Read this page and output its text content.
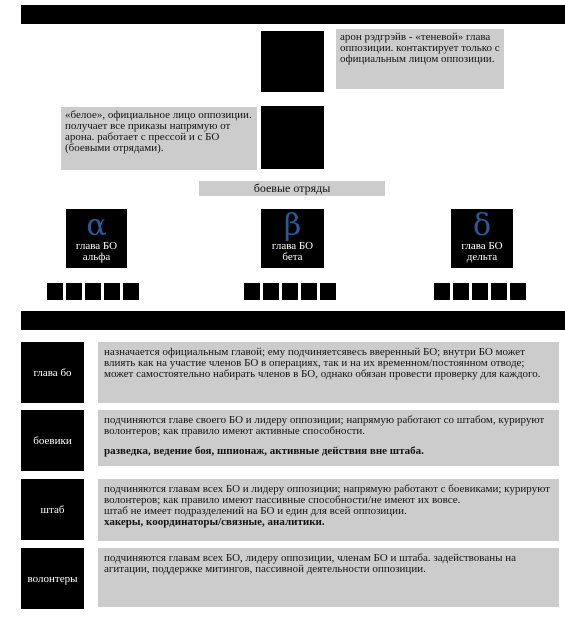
арон рэдгрэйв - «теневой» глава оппозиции. контактирует только с официальным лицом оппозиции.
«белое», официальное лицо оппозиции. получает все приказы напрямую от арона. работает с прессой и с БО (боевыми отрядами).
боевые отряды
α
глава БО
альфа
β
глава БО
бета
δ
глава БО
дельта
глава бо

назначается официальным главой; ему подчиняетсявесь вверенный БО; внутри БО может влиять как на участие членов БО в операциях, так и на их временном/постоянном отводе; может самостоятельно набирать членов в БО, однако обязан провести проверку для каждого.

боевики

подчиняются главе своего БО и лидеру оппозиции; напрямую работают со штабом, курируют волонтеров; как правило имеют активные способности.

разведка, ведение боя, шпионаж, активные действия вне штаба.

штаб

подчиняются главам всех БО и лидеру оппозиции; напрямую работают с боевиками; курируют волонтеров; как правило имеют пассивные способности/не имеют их вовсе.

штаб не имеет подразделений на БО и един для всей оппозиции.

хакеры, координаторы/связные, аналитики.

волонтеры

подчиняются главам всех БО, лидеру оппозиции, членам БО и штаба. задействованы на агитации, поддержке митингов, пассивной деятельности оппозиции.
